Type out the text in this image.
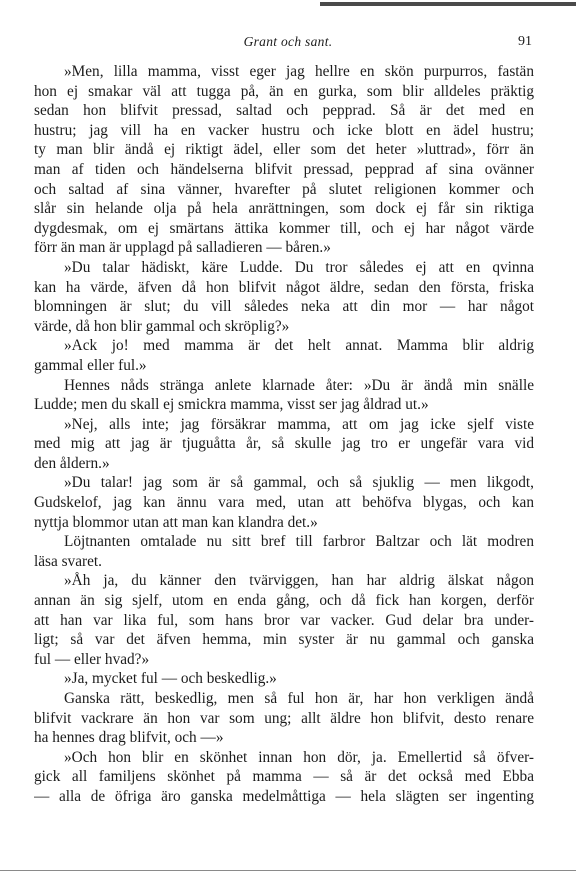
Grant och sant.	91
»Men, lilla mamma, visst eger jag hellre en skön purpurros, fastän
hon ej smakar väl att tugga på, än en gurka, som blir alldeles präktig
sedan hon blifvit pressad, saltad och pepprad. Så är det med en
hustru; jag vill ha en vacker hustru och icke blott en ädel hustru;
ty man blir ändå ej riktigt ädel, eller som det heter »luttrad», förr än
man af tiden och händelserna blifvit pressad, pepprad af sina ovänner
och saltad af sina vänner, hvarefter på slutet religionen kommer och
slår sin helande olja på hela anrättningen, som dock ej får sin riktiga
dygdesmak, om ej smärtans ättika kommer till, och ej har något värde
förr än man är upplagd på salladieren — båren.»
»Du talar hädiskt, käre Ludde. Du tror således ej att en qvinna
kan ha värde, äfven då hon blifvit något äldre, sedan den första, friska
blomningen är slut; du vill således neka att din mor — har något
värde, då hon blir gammal och skröplig?»
»Ack jo! med mamma är det helt annat. Mamma blir aldrig
gammal eller ful.»
Hennes nåds stränga anlete klarnade åter: »Du är ändå min snälle
Ludde; men du skall ej smickra mamma, visst ser jag åldrad ut.»
»Nej, alls inte; jag försäkrar mamma, att om jag icke sjelf viste
med mig att jag är tjuguåtta år, så skulle jag tro er ungefär vara vid
den åldern.»
»Du talar! jag som är så gammal, och så sjuklig — men likgodt,
Gudskelof, jag kan ännu vara med, utan att behöfva blygas, och kan
nyttja blommor utan att man kan klandra det.»
Löjtnanten omtalade nu sitt bref till farbror Baltzar och lät modren
läsa svaret.
»Åh ja, du känner den tvärviggen, han har aldrig älskat någon
annan än sig sjelf, utom en enda gång, och då fick han korgen, derför
att han var lika ful, som hans bror var vacker. Gud delar bra under-
ligt; så var det äfven hemma, min syster är nu gammal och ganska
ful — eller hvad?»
»Ja, mycket ful — och beskedlig.»
Ganska rätt, beskedlig, men så ful hon är, har hon verkligen ändå
blifvit vackrare än hon var som ung; allt äldre hon blifvit, desto renare
ha hennes drag blifvit, och —»
»Och hon blir en skönhet innan hon dör, ja. Emellertid så öfver-
gick all familjens skönhet på mamma — så är det också med Ebba
— alla de öfriga äro ganska medelmåttiga — hela slägten ser ingenting
